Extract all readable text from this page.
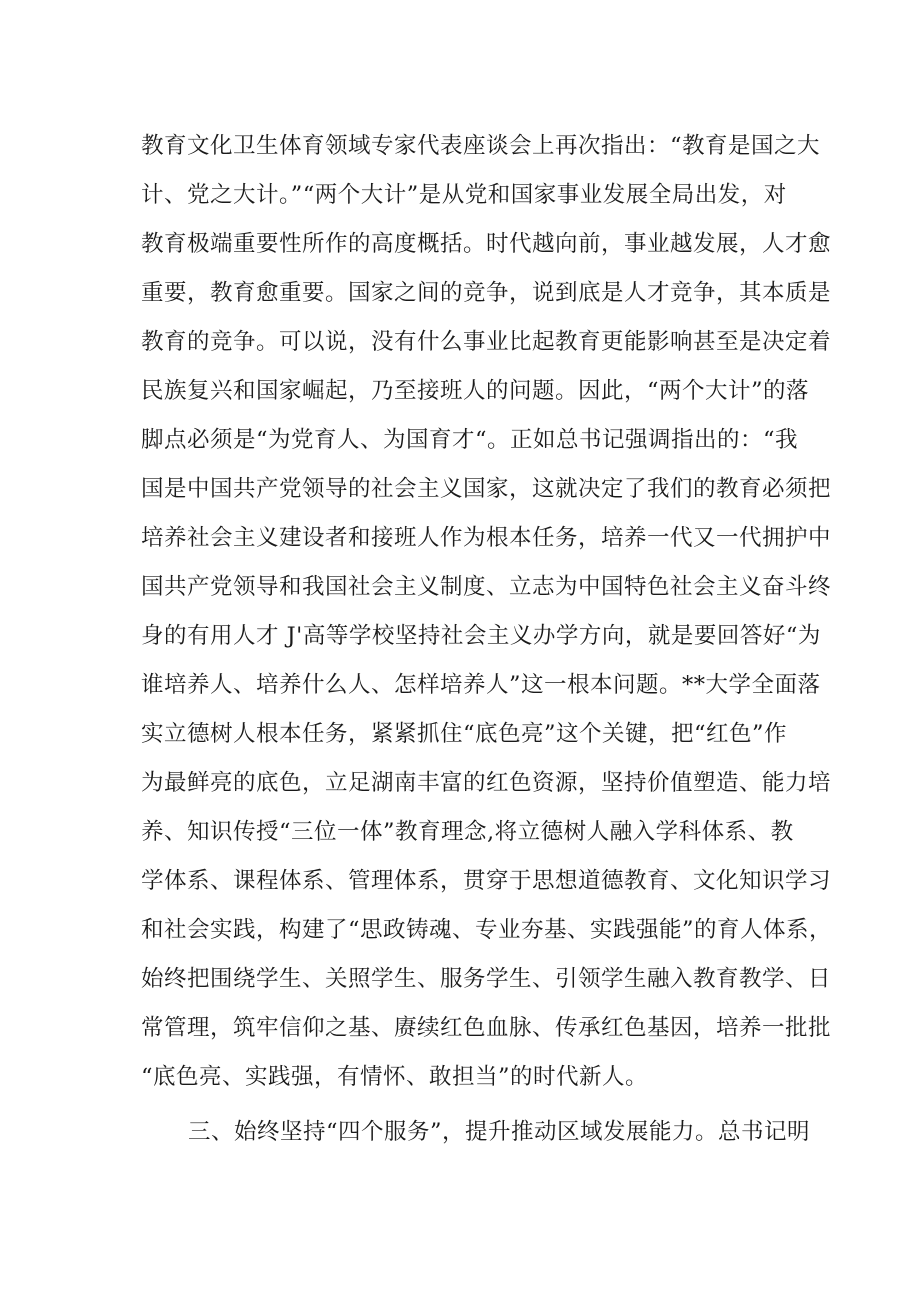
教育文化卫生体育领域专家代表座谈会上再次指出：“教育是国之大
计、党之大计。”“两个大计”是从党和国家事业发展全局出发，对
教育极端重要性所作的高度概括。时代越向前，事业越发展，人才愈
重要，教育愈重要。国家之间的竞争，说到底是人才竞争，其本质是
教育的竞争。可以说，没有什么事业比起教育更能影响甚至是决定着
民族复兴和国家崛起，乃至接班人的问题。因此，“两个大计”的落
脚点必须是“为党育人、为国育才“。正如总书记强调指出的：“我
国是中国共产党领导的社会主义国家，这就决定了我们的教育必须把
培养社会主义建设者和接班人作为根本任务，培养一代又一代拥护中
国共产党领导和我国社会主义制度、立志为中国特色社会主义奋斗终
身的有用人才 J'高等学校坚持社会主义办学方向，就是要回答好“为
谁培养人、培养什么人、怎样培养人”这一根本问题。**大学全面落
实立德树人根本任务，紧紧抓住“底色亮”这个关键，把“红色”作
为最鲜亮的底色，立足湖南丰富的红色资源，坚持价值塑造、能力培
养、知识传授“三位一体”教育理念,将立德树人融入学科体系、教
学体系、课程体系、管理体系，贯穿于思想道德教育、文化知识学习
和社会实践，构建了“思政铸魂、专业夯基、实践强能”的育人体系，
始终把围绕学生、关照学生、服务学生、引领学生融入教育教学、日
常管理，筑牢信仰之基、赓续红色血脉、传承红色基因，培养一批批
“底色亮、实践强，有情怀、敢担当”的时代新人。
三、始终坚持“四个服务”，提升推动区域发展能力。总书记明
